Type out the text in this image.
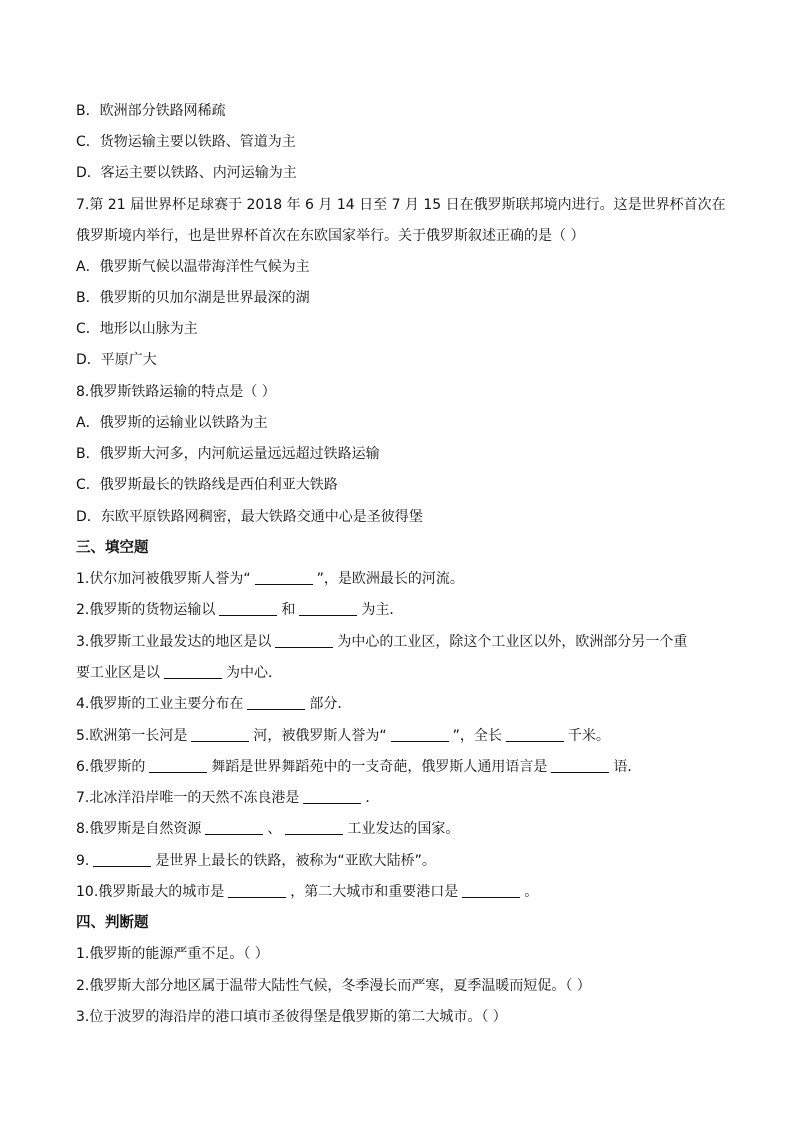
B．欧洲部分铁路网稀疏
C．货物运输主要以铁路、管道为主
D．客运主要以铁路、内河运输为主
7.第 21 届世界杯足球赛于 2018 年 6 月 14 日至 7 月 15 日在俄罗斯联邦境内进行。这是世界杯首次在俄罗斯境内举行，也是世界杯首次在东欧国家举行。关于俄罗斯叙述正确的是（ ）
A．俄罗斯气候以温带海洋性气候为主
B．俄罗斯的贝加尔湖是世界最深的湖
C．地形以山脉为主
D．平原广大
8.俄罗斯铁路运输的特点是（ ）
A．俄罗斯的运输业以铁路为主
B．俄罗斯大河多，内河航运量远远超过铁路运输
C．俄罗斯最长的铁路线是西伯利亚大铁路
D．东欧平原铁路网稠密，最大铁路交通中心是圣彼得堡
三、填空题
1.伏尔加河被俄罗斯人誉为“	”，是欧洲最长的河流。
2.俄罗斯的货物运输以	和	为主．
3.俄罗斯工业最发达的地区是以	为中心的工业区，除这个工业区以外，欧洲部分另一个重
要工业区是以	为中心．
4.俄罗斯的工业主要分布在	部分．
5.欧洲第一长河是	河，被俄罗斯人誉为“	”，全长	千米。
6.俄罗斯的	舞蹈是世界舞蹈苑中的一支奇葩，俄罗斯人通用语言是	语．
7.北冰洋沿岸唯一的天然不冻良港是	．
8.俄罗斯是自然资源	、	工业发达的国家。
9.	是世界上最长的铁路，被称为“亚欧大陆桥”。
10.俄罗斯最大的城市是	，第二大城市和重要港口是	。
四、判断题
1.俄罗斯的能源严重不足。（ ）
2.俄罗斯大部分地区属于温带大陆性气候，冬季漫长而严寒，夏季温暖而短促。（ ）
3.位于波罗的海沿岸的港口填市圣彼得堡是俄罗斯的第二大城市。（ ）
